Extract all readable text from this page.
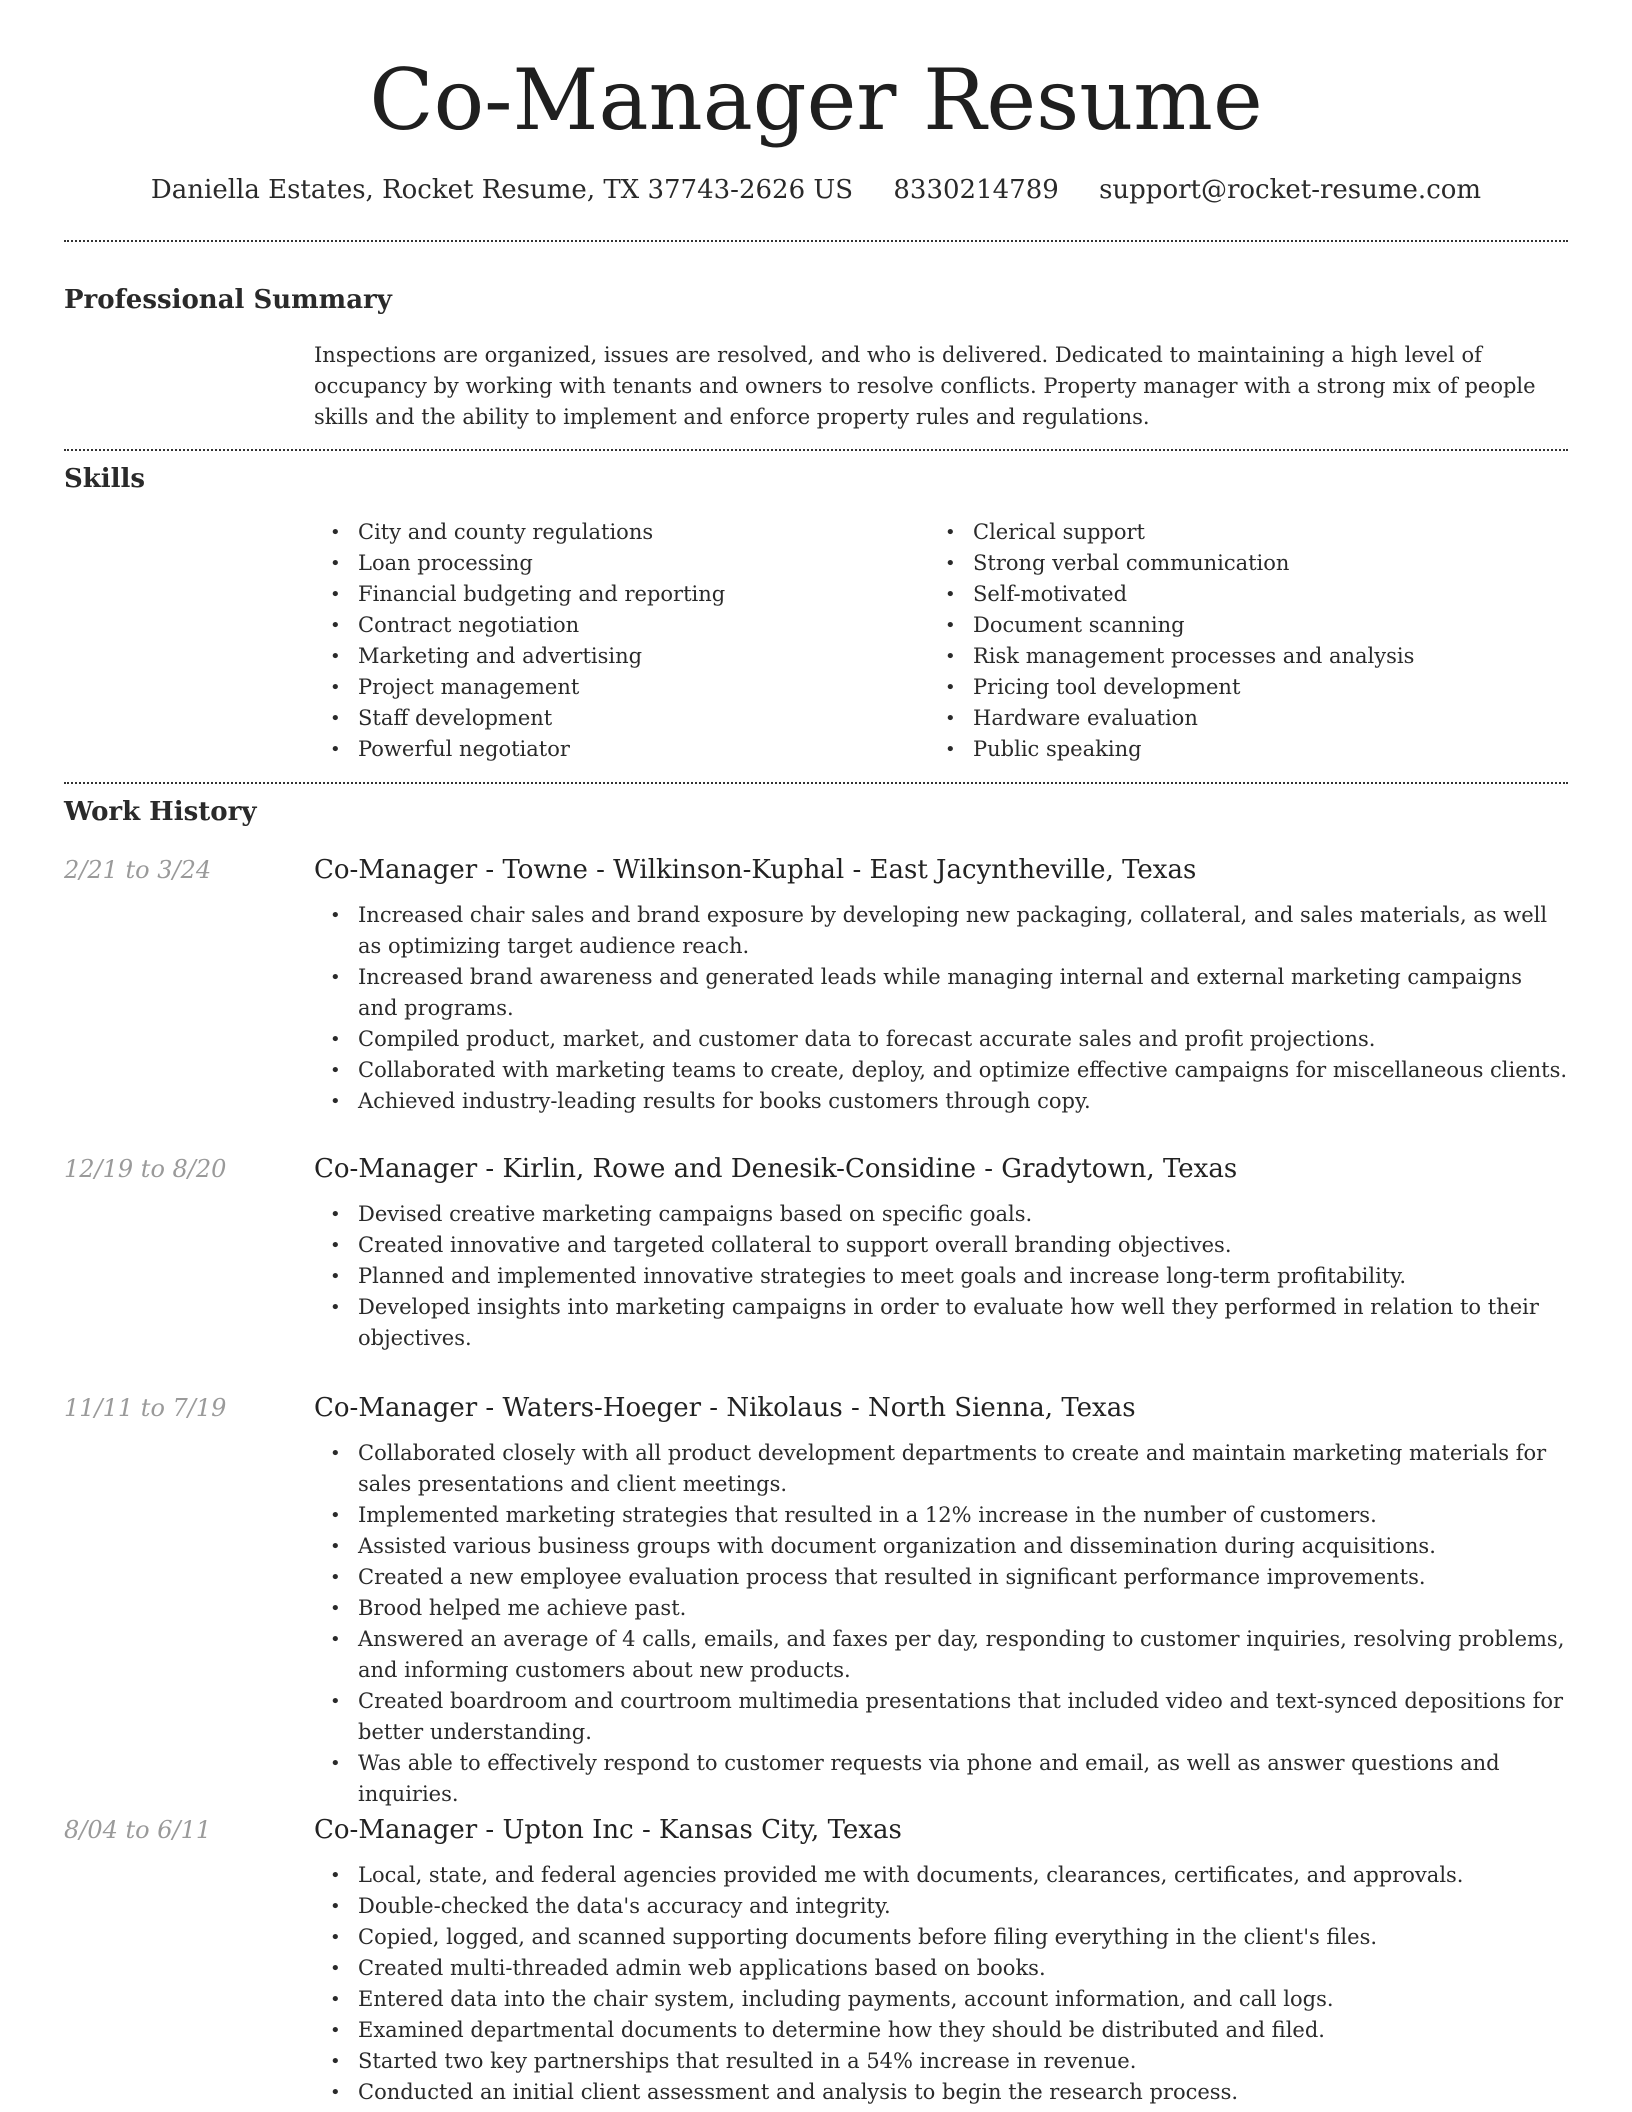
Co-Manager Resume
Daniella Estates, Rocket Resume, TX 37743-2626 US 8330214789 support@rocket-resume.com
Professional Summary

Inspections are organized, issues are resolved, and who is delivered. Dedicated to maintaining a high level of occupancy by working with tenants and owners to resolve conflicts. Property manager with a strong mix of people skills and the ability to implement and enforce property rules and regulations.

Skills
• City and county regulations
• Loan processing
• Financial budgeting and reporting
• Contract negotiation
• Marketing and advertising
• Project management
• Staff development
• Powerful negotiator
• Clerical support
• Strong verbal communication
• Self-motivated
• Document scanning
• Risk management processes and analysis
• Pricing tool development
• Hardware evaluation
• Public speaking
Work History
2/21 to 3/24	Co-Manager - Towne - Wilkinson-Kuphal - East Jacyntheville, Texas
• Increased chair sales and brand exposure by developing new packaging, collateral, and sales materials, as well as optimizing target audience reach.
• Increased brand awareness and generated leads while managing internal and external marketing campaigns and programs.
• Compiled product, market, and customer data to forecast accurate sales and profit projections.
• Collaborated with marketing teams to create, deploy, and optimize effective campaigns for miscellaneous clients.
• Achieved industry-leading results for books customers through copy.
12/19 to 8/20	Co-Manager - Kirlin, Rowe and Denesik-Considine - Gradytown, Texas
• Devised creative marketing campaigns based on specific goals.
• Created innovative and targeted collateral to support overall branding objectives.
• Planned and implemented innovative strategies to meet goals and increase long-term profitability.
• Developed insights into marketing campaigns in order to evaluate how well they performed in relation to their objectives.
11/11 to 7/19	Co-Manager - Waters-Hoeger - Nikolaus - North Sienna, Texas
• Collaborated closely with all product development departments to create and maintain marketing materials for sales presentations and client meetings.
• Implemented marketing strategies that resulted in a 12% increase in the number of customers.
• Assisted various business groups with document organization and dissemination during acquisitions.
• Created a new employee evaluation process that resulted in significant performance improvements.
• Brood helped me achieve past.
• Answered an average of 4 calls, emails, and faxes per day, responding to customer inquiries, resolving problems, and informing customers about new products.
• Created boardroom and courtroom multimedia presentations that included video and text-synced depositions for better understanding.
• Was able to effectively respond to customer requests via phone and email, as well as answer questions and inquiries.
8/04 to 6/11	Co-Manager - Upton Inc - Kansas City, Texas
• Local, state, and federal agencies provided me with documents, clearances, certificates, and approvals.
• Double-checked the data's accuracy and integrity.
• Copied, logged, and scanned supporting documents before filing everything in the client's files.
• Created multi-threaded admin web applications based on books.
• Entered data into the chair system, including payments, account information, and call logs.
• Examined departmental documents to determine how they should be distributed and filed.
• Started two key partnerships that resulted in a 54% increase in revenue.
• Conducted an initial client assessment and analysis to begin the research process.
